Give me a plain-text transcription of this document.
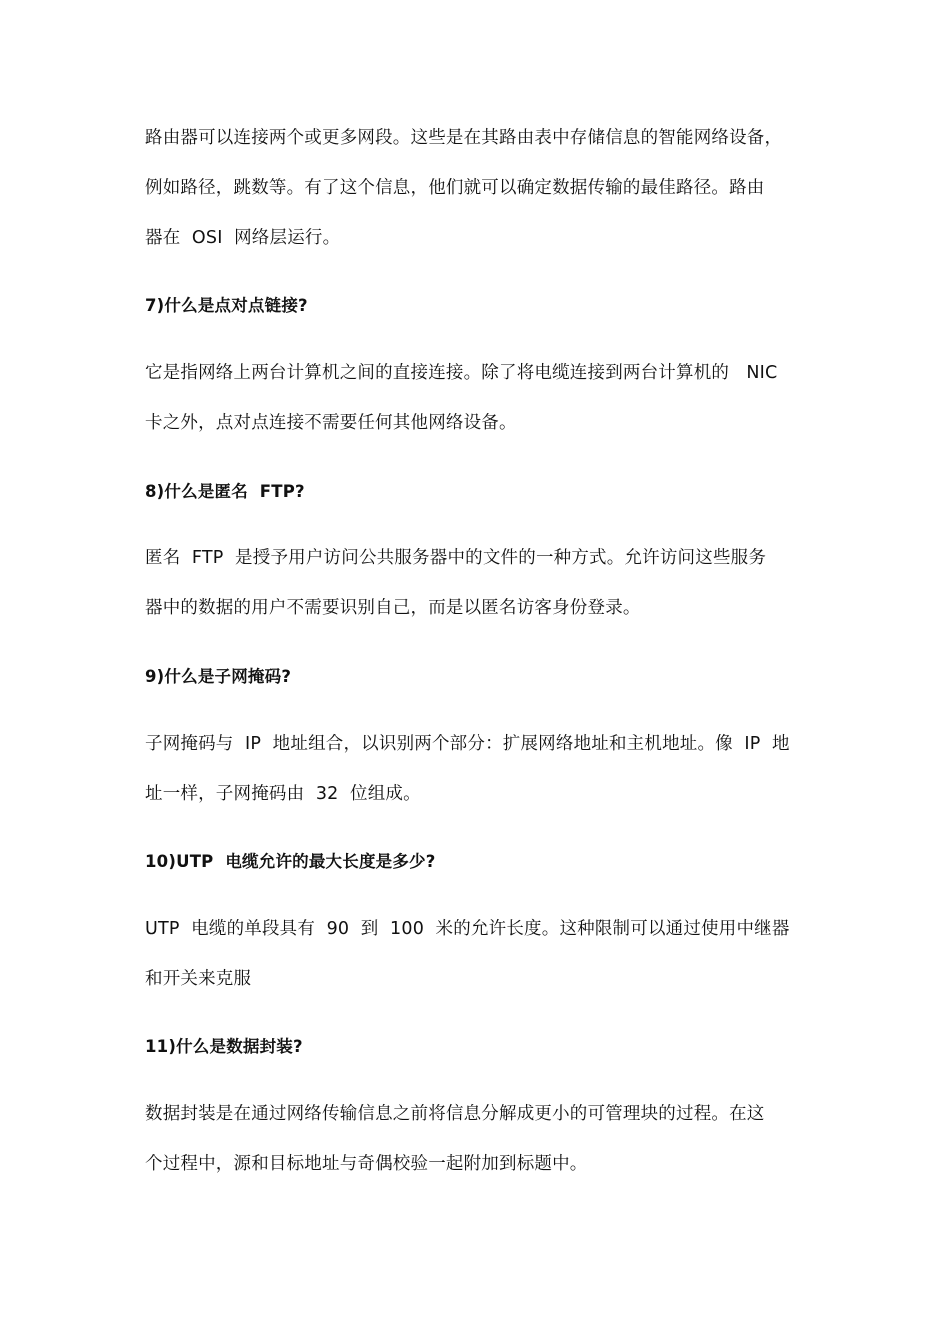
路由器可以连接两个或更多网段。这些是在其路由表中存储信息的智能网络设备，
例如路径，跳数等。有了这个信息，他们就可以确定数据传输的最佳路径。路由
器在  OSI  网络层运行。
7)什么是点对点链接?
它是指网络上两台计算机之间的直接连接。除了将电缆连接到两台计算机的   NIC
卡之外，点对点连接不需要任何其他网络设备。
8)什么是匿名  FTP?
匿名  FTP  是授予用户访问公共服务器中的文件的一种方式。允许访问这些服务
器中的数据的用户不需要识别自己，而是以匿名访客身份登录。
9)什么是子网掩码?
子网掩码与  IP  地址组合，以识别两个部分：扩展网络地址和主机地址。像  IP  地
址一样，子网掩码由  32  位组成。
10)UTP  电缆允许的最大长度是多少?
UTP  电缆的单段具有  90  到  100  米的允许长度。这种限制可以通过使用中继器
和开关来克服
11)什么是数据封装?
数据封装是在通过网络传输信息之前将信息分解成更小的可管理块的过程。在这
个过程中，源和目标地址与奇偶校验一起附加到标题中。
